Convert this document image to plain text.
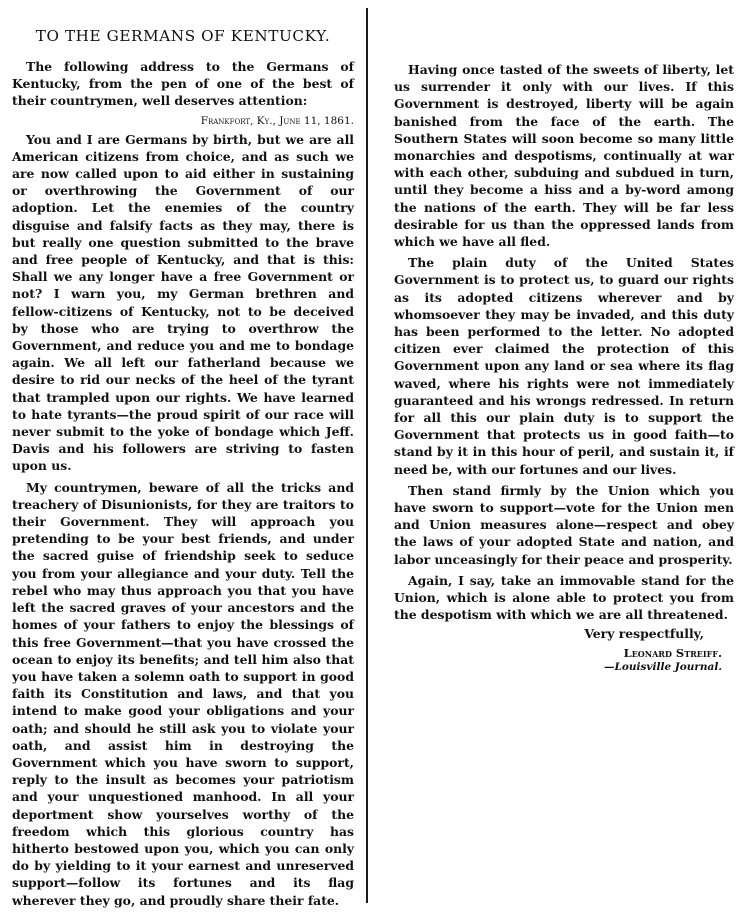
TO THE GERMANS OF KENTUCKY.

The following address to the Germans of Kentucky, from the pen of one of the best of their countrymen, well deserves attention:

Frankfort, Ky., June 11, 1861.

You and I are Germans by birth, but we are all American citizens from choice, and as such we are now called upon to aid either in sustaining or overthrowing the Government of our adoption. Let the enemies of the country disguise and falsify facts as they may, there is but really one question submitted to the brave and free people of Kentucky, and that is this: Shall we any longer have a free Government or not? I warn you, my German brethren and fellow-citizens of Kentucky, not to be deceived by those who are trying to overthrow the Government, and reduce you and me to bondage again. We all left our fatherland because we desire to rid our necks of the heel of the tyrant that trampled upon our rights. We have learned to hate tyrants—the proud spirit of our race will never submit to the yoke of bondage which Jeff. Davis and his followers are striving to fasten upon us.

My countrymen, beware of all the tricks and treachery of Disunionists, for they are traitors to their Government. They will approach you pretending to be your best friends, and under the sacred guise of friendship seek to seduce you from your allegiance and your duty. Tell the rebel who may thus approach you that you have left the sacred graves of your ancestors and the homes of your fathers to enjoy the blessings of this free Government—that you have crossed the ocean to enjoy its benefits; and tell him also that you have taken a solemn oath to support in good faith its Constitution and laws, and that you intend to make good your obligations and your oath; and should he still ask you to violate your oath, and assist him in destroying the Government which you have sworn to support, reply to the insult as becomes your patriotism and your unquestioned manhood. In all your deportment show yourselves worthy of the freedom which this glorious country has hitherto bestowed upon you, which you can only do by yielding to it your earnest and unreserved support—follow its fortunes and its flag wherever they go, and proudly share their fate.

Having once tasted of the sweets of liberty, let us surrender it only with our lives. If this Government is destroyed, liberty will be again banished from the face of the earth. The Southern States will soon become so many little monarchies and despotisms, continually at war with each other, subduing and subdued in turn, until they become a hiss and a by-word among the nations of the earth. They will be far less desirable for us than the oppressed lands from which we have all fled.

The plain duty of the United States Government is to protect us, to guard our rights as its adopted citizens wherever and by whomsoever they may be invaded, and this duty has been performed to the letter. No adopted citizen ever claimed the protection of this Government upon any land or sea where its flag waved, where his rights were not immediately guaranteed and his wrongs redressed. In return for all this our plain duty is to support the Government that protects us in good faith—to stand by it in this hour of peril, and sustain it, if need be, with our fortunes and our lives.

Then stand firmly by the Union which you have sworn to support—vote for the Union men and Union measures alone—respect and obey the laws of your adopted State and nation, and labor unceasingly for their peace and prosperity.

Again, I say, take an immovable stand for the Union, which is alone able to protect you from the despotism with which we are all threatened.

Very respectfully,

Leonard Streiff.

—Louisville Journal.
